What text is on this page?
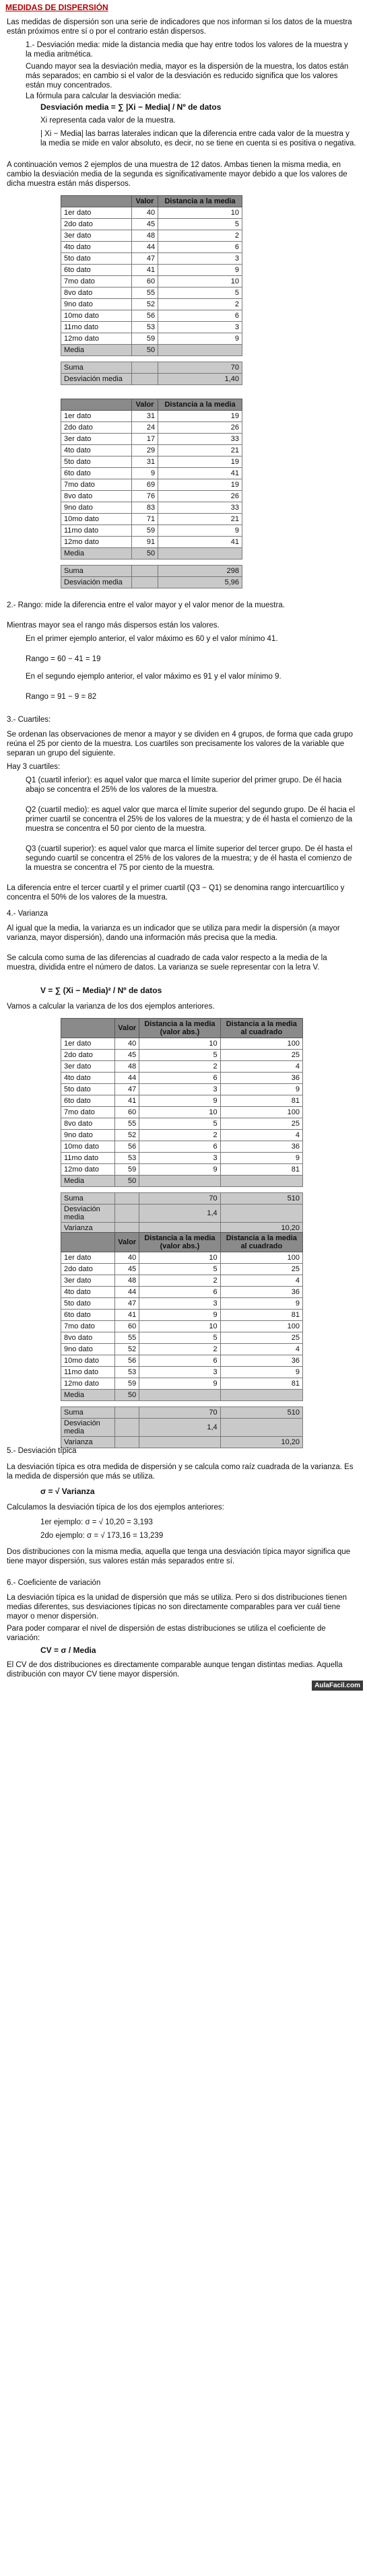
MEDIDAS DE DISPERSIÓN
Las medidas de dispersión son una serie de indicadores que nos informan si los datos de la muestra están próximos entre sí o por el contrario están dispersos.
1.- Desviación media: mide la distancia media que hay entre todos los valores de la muestra y la media aritmética.
Cuando mayor sea la desviación media, mayor es la dispersión de la muestra, los datos están más separados; en cambio si el valor de la desviación es reducido significa que los valores están muy concentrados.
La fórmula para calcular la desviación media:
Desviación media = ∑ |Xi − Media| / Nº de datos
Xi representa cada valor de la muestra.
| Xi − Media| las barras laterales indican que la diferencia entre cada valor de la muestra y la media se mide en valor absoluto, es decir, no se tiene en cuenta si es positiva o negativa.
A continuación vemos 2 ejemplos de una muestra de 12 datos. Ambas tienen la misma media, en cambio la desviación media de la segunda es significativamente mayor debido a que los valores de dicha muestra están más dispersos.
	Valor	Distancia a la media
1er dato	40	10
2do dato	45	5
3er dato	48	2
4to dato	44	6
5to dato	47	3
6to dato	41	9
7mo dato	60	10
8vo dato	55	5
9no dato	52	2
10mo dato	56	6
11mo dato	53	3
12mo dato	59	9
Media	50	

Suma		70
Desviación media		1,40
	Valor	Distancia a la media
1er dato	31	19
2do dato	24	26
3er dato	17	33
4to dato	29	21
5to dato	31	19
6to dato	9	41
7mo dato	69	19
8vo dato	76	26
9no dato	83	33
10mo dato	71	21
11mo dato	59	9
12mo dato	91	41
Media	50	

Suma		298
Desviación media		5,96
2.- Rango: mide la diferencia entre el valor mayor y el valor menor de la muestra.
Mientras mayor sea el rango más dispersos están los valores.
En el primer ejemplo anterior, el valor máximo es 60 y el valor mínimo 41.
Rango = 60 − 41 = 19
En el segundo ejemplo anterior, el valor máximo es 91 y el valor mínimo 9.
Rango = 91 − 9 = 82
3.- Cuartiles:
Se ordenan las observaciones de menor a mayor y se dividen en 4 grupos, de forma que cada grupo reúna el 25 por ciento de la muestra. Los cuartiles son precisamente los valores de la variable que separan un grupo del siguiente.
Hay 3 cuartiles:
Q1 (cuartil inferior): es aquel valor que marca el límite superior del primer grupo. De él hacia abajo se concentra el 25% de los valores de la muestra.
Q2 (cuartil medio): es aquel valor que marca el límite superior del segundo grupo. De él hacia el primer cuartil se concentra el 25% de los valores de la muestra; y de él hasta el comienzo de la muestra se concentra el 50 por ciento de la muestra.
Q3 (cuartil superior): es aquel valor que marca el límite superior del tercer grupo. De él hasta el segundo cuartil se concentra el 25% de los valores de la muestra; y de él hasta el comienzo de la muestra se concentra el 75 por ciento de la muestra.
La diferencia entre el tercer cuartil y el primer cuartil (Q3 − Q1) se denomina rango intercuartílico y concentra el 50% de los valores de la muestra.
4.- Varianza
Al igual que la media, la varianza es un indicador que se utiliza para medir la dispersión (a mayor varianza, mayor dispersión), dando una información más precisa que la media.
Se calcula como suma de las diferencias al cuadrado de cada valor respecto a la media de la muestra, dividida entre el número de datos. La varianza se suele representar con la letra V.
V = ∑ (Xi − Media)² / Nº de datos
Vamos a calcular la varianza de los dos ejemplos anteriores.
	Valor	Distancia a la media (valor abs.)	Distancia a la media al cuadrado
1er dato	40	10	100
2do dato	45	5	25
3er dato	48	2	4
4to dato	44	6	36
5to dato	47	3	9
6to dato	41	9	81
7mo dato	60	10	100
8vo dato	55	5	25
9no dato	52	2	4
10mo dato	56	6	36
11mo dato	53	3	9
12mo dato	59	9	81
Media	50		

Suma		70	510
Desviación media		1,4	
Varianza			10,20
	Valor	Distancia a la media (valor abs.)	Distancia a la media al cuadrado
1er dato	40	10	100
2do dato	45	5	25
3er dato	48	2	4
4to dato	44	6	36
5to dato	47	3	9
6to dato	41	9	81
7mo dato	60	10	100
8vo dato	55	5	25
9no dato	52	2	4
10mo dato	56	6	36
11mo dato	53	3	9
12mo dato	59	9	81
Media	50		

Suma		70	510
Desviación media		1,4	
Varianza			10,20
5.- Desviación típica
La desviación típica es otra medida de dispersión y se calcula como raíz cuadrada de la varianza. Es la medida de dispersión que más se utiliza.
σ = √ Varianza
Calculamos la desviación típica de los dos ejemplos anteriores:
1er ejemplo: σ = √ 10,20 = 3,193
2do ejemplo: σ = √ 173,16 = 13,239
Dos distribuciones con la misma media, aquella que tenga una desviación típica mayor significa que tiene mayor dispersión, sus valores están más separados entre sí.
6.- Coeficiente de variación
La desviación típica es la unidad de dispersión que más se utiliza. Pero si dos distribuciones tienen medias diferentes, sus desviaciones típicas no son directamente comparables para ver cuál tiene mayor o menor dispersión.
Para poder comparar el nivel de dispersión de estas distribuciones se utiliza el coeficiente de variación:
CV = σ / Media
El CV de dos distribuciones es directamente comparable aunque tengan distintas medias. Aquella distribución con mayor CV tiene mayor dispersión.
AulaFacil.com
